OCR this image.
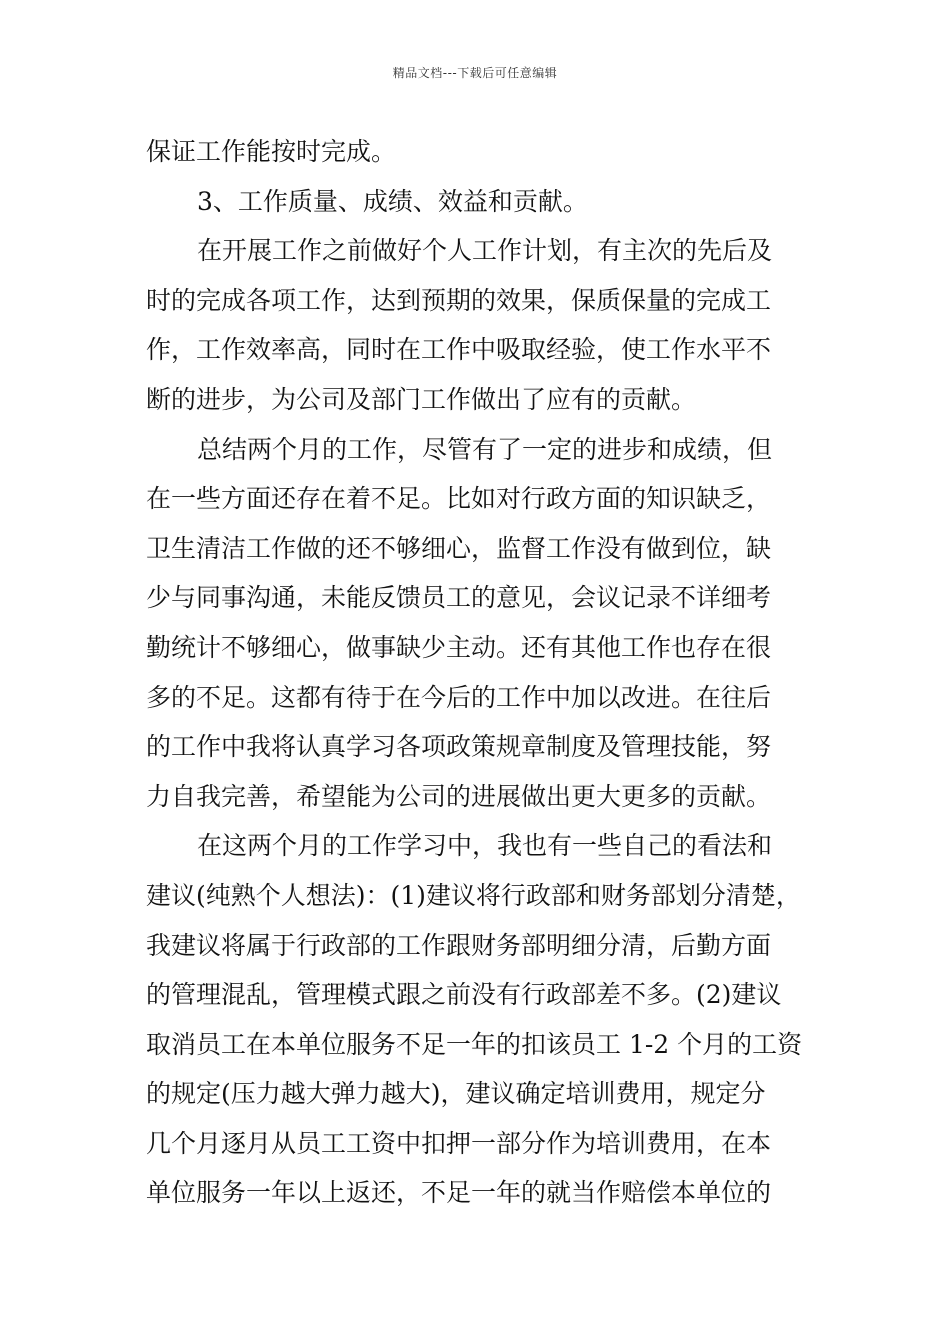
精品文档---下载后可任意编辑
保证工作能按时完成。
3、工作质量、成绩、效益和贡献。
在开展工作之前做好个人工作计划，有主次的先后及
时的完成各项工作，达到预期的效果，保质保量的完成工
作，工作效率高，同时在工作中吸取经验，使工作水平不
断的进步，为公司及部门工作做出了应有的贡献。
总结两个月的工作，尽管有了一定的进步和成绩，但
在一些方面还存在着不足。比如对行政方面的知识缺乏，
卫生清洁工作做的还不够细心，监督工作没有做到位，缺
少与同事沟通，未能反馈员工的意见，会议记录不详细考
勤统计不够细心，做事缺少主动。还有其他工作也存在很
多的不足。这都有待于在今后的工作中加以改进。在往后
的工作中我将认真学习各项政策规章制度及管理技能，努
力自我完善，希望能为公司的进展做出更大更多的贡献。
在这两个月的工作学习中，我也有一些自己的看法和
建议(纯熟个人想法)：(1)建议将行政部和财务部划分清楚，
我建议将属于行政部的工作跟财务部明细分清，后勤方面
的管理混乱，管理模式跟之前没有行政部差不多。(2)建议
取消员工在本单位服务不足一年的扣该员工 1-2 个月的工资
的规定(压力越大弹力越大)，建议确定培训费用，规定分
几个月逐月从员工工资中扣押一部分作为培训费用，在本
单位服务一年以上返还，不足一年的就当作赔偿本单位的
